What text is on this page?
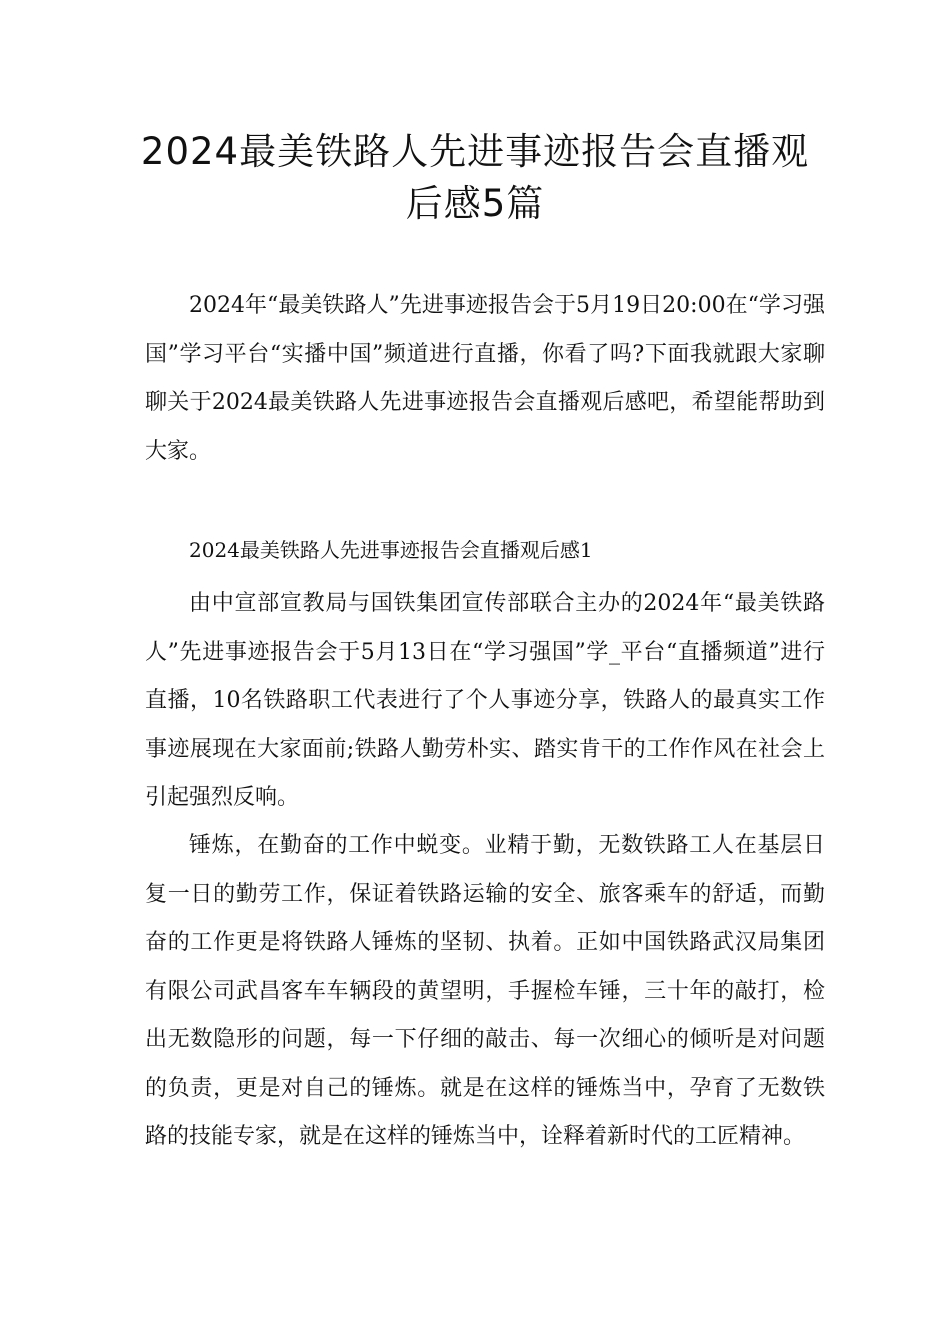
2024最美铁路人先进事迹报告会直播观
后感5篇

2024年“最美铁路人”先进事迹报告会于5月19日20:00在“学习强国”学习平台“实播中国”频道进行直播，你看了吗?下面我就跟大家聊聊关于2024最美铁路人先进事迹报告会直播观后感吧，希望能帮助到大家。

2024最美铁路人先进事迹报告会直播观后感1

由中宣部宣教局与国铁集团宣传部联合主办的2024年“最美铁路人”先进事迹报告会于5月13日在“学习强国”学_平台“直播频道”进行直播，10名铁路职工代表进行了个人事迹分享，铁路人的最真实工作事迹展现在大家面前;铁路人勤劳朴实、踏实肯干的工作作风在社会上引起强烈反响。

锤炼，在勤奋的工作中蜕变。业精于勤，无数铁路工人在基层日复一日的勤劳工作，保证着铁路运输的安全、旅客乘车的舒适，而勤奋的工作更是将铁路人锤炼的坚韧、执着。正如中国铁路武汉局集团有限公司武昌客车车辆段的黄望明，手握检车锤，三十年的敲打，检出无数隐形的问题，每一下仔细的敲击、每一次细心的倾听是对问题的负责，更是对自己的锤炼。就是在这样的锤炼当中，孕育了无数铁路的技能专家，就是在这样的锤炼当中，诠释着新时代的工匠精神。
